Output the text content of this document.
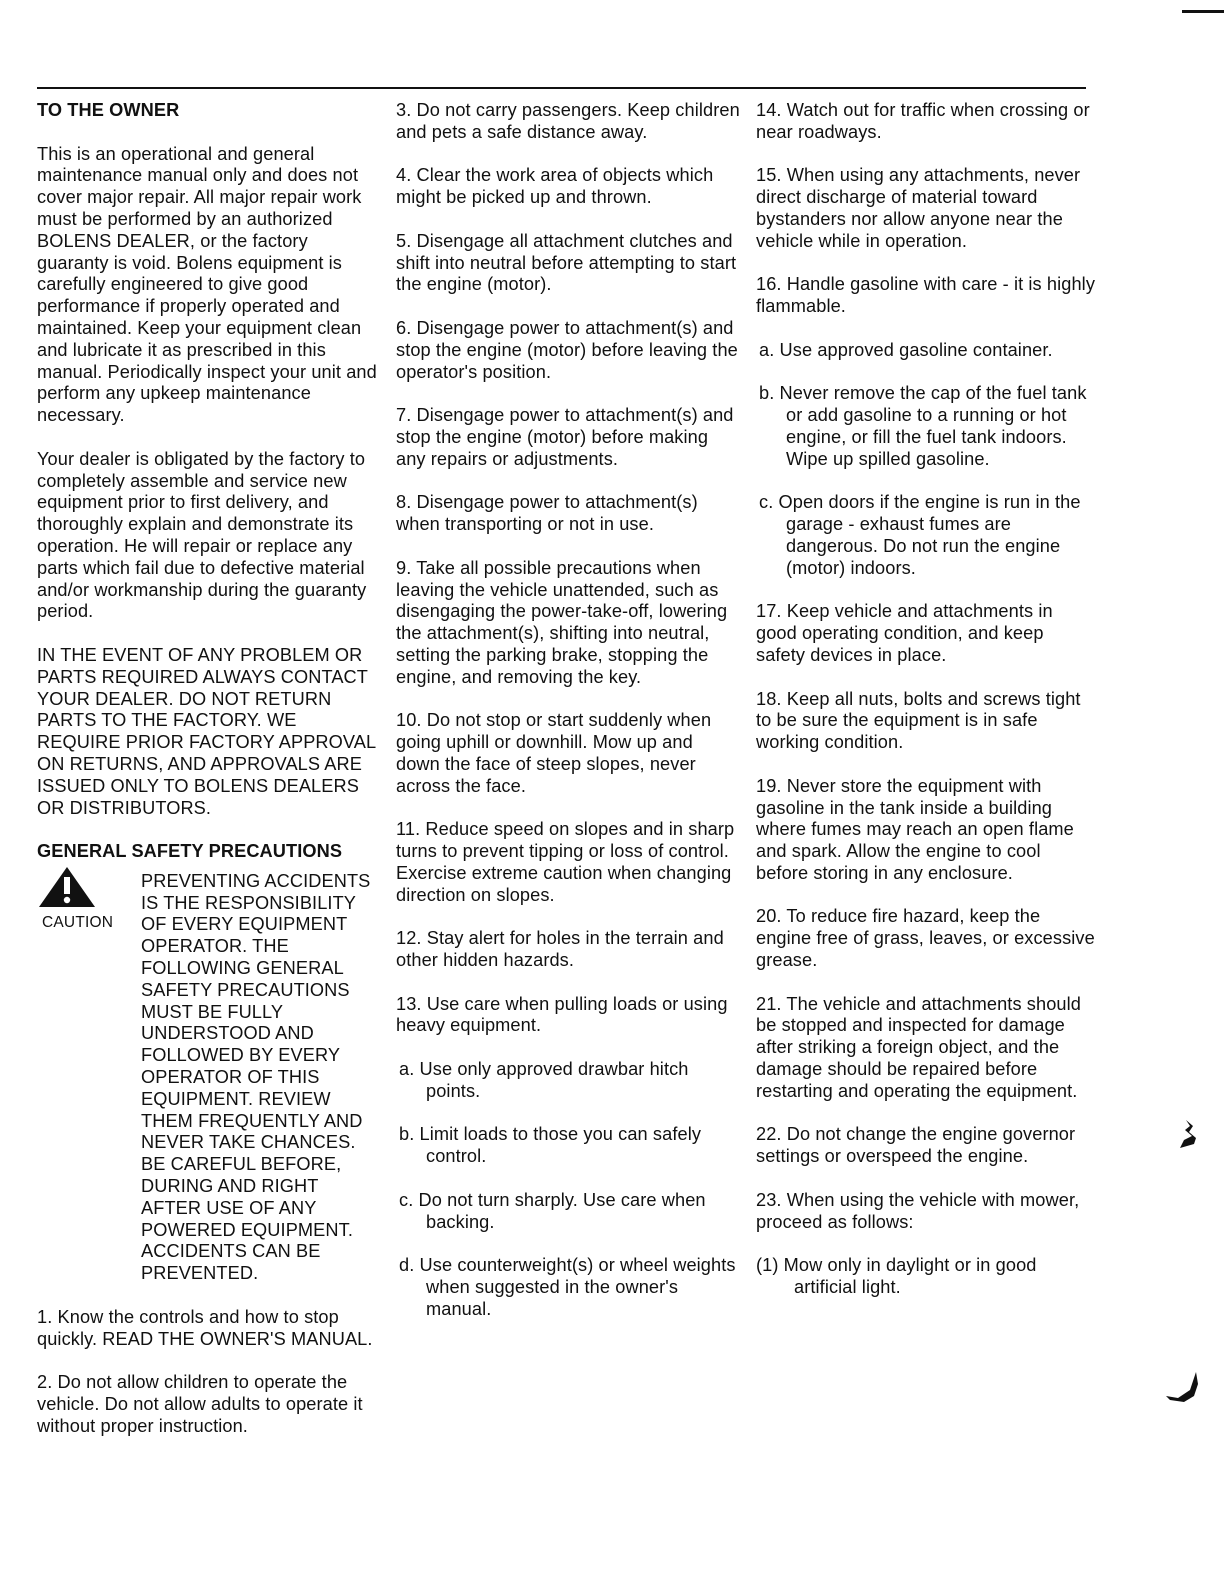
TO THE OWNER

This is an operational and general maintenance manual only and does not cover major repair. All major repair work must be performed by an authorized BOLENS DEALER, or the factory guaranty is void. Bolens equipment is carefully engineered to give good performance if properly operated and maintained. Keep your equipment clean and lubricate it as prescribed in this manual. Periodically inspect your unit and perform any upkeep maintenance necessary.

Your dealer is obligated by the factory to completely assemble and service new equipment prior to first delivery, and thoroughly explain and demonstrate its operation. He will repair or replace any parts which fail due to defective material and/or workmanship during the guaranty period.

IN THE EVENT OF ANY PROBLEM OR PARTS REQUIRED ALWAYS CONTACT YOUR DEALER. DO NOT RETURN PARTS TO THE FACTORY. WE REQUIRE PRIOR FACTORY APPROVAL ON RETURNS, AND APPROVALS ARE ISSUED ONLY TO BOLENS DEALERS OR DISTRIBUTORS.

GENERAL SAFETY PRECAUTIONS

CAUTION

PREVENTING ACCIDENTS IS THE RESPONSIBILITY OF EVERY EQUIPMENT OPERATOR. THE FOLLOWING GENERAL SAFETY PRECAUTIONS MUST BE FULLY UNDERSTOOD AND FOLLOWED BY EVERY OPERATOR OF THIS EQUIPMENT. REVIEW THEM FREQUENTLY AND NEVER TAKE CHANCES. BE CAREFUL BEFORE, DURING AND RIGHT AFTER USE OF ANY POWERED EQUIPMENT. ACCIDENTS CAN BE PREVENTED.

1. Know the controls and how to stop quickly. READ THE OWNER'S MANUAL.

2. Do not allow children to operate the vehicle. Do not allow adults to operate it without proper instruction.

3. Do not carry passengers. Keep children and pets a safe distance away.

4. Clear the work area of objects which might be picked up and thrown.

5. Disengage all attachment clutches and shift into neutral before attempting to start the engine (motor).

6. Disengage power to attachment(s) and stop the engine (motor) before leaving the operator's position.

7. Disengage power to attachment(s) and stop the engine (motor) before making any repairs or adjustments.

8. Disengage power to attachment(s) when transporting or not in use.

9. Take all possible precautions when leaving the vehicle unattended, such as disengaging the power-take-off, lowering the attachment(s), shifting into neutral, setting the parking brake, stopping the engine, and removing the key.

10. Do not stop or start suddenly when going uphill or downhill. Mow up and down the face of steep slopes, never across the face.

11. Reduce speed on slopes and in sharp turns to prevent tipping or loss of control. Exercise extreme caution when changing direction on slopes.

12. Stay alert for holes in the terrain and other hidden hazards.

13. Use care when pulling loads or using heavy equipment.

a. Use only approved drawbar hitch points.

b. Limit loads to those you can safely control.

c. Do not turn sharply. Use care when backing.

d. Use counterweight(s) or wheel weights when suggested in the owner's manual.

14. Watch out for traffic when crossing or near roadways.

15. When using any attachments, never direct discharge of material toward bystanders nor allow anyone near the vehicle while in operation.

16. Handle gasoline with care - it is highly flammable.

a. Use approved gasoline container.

b. Never remove the cap of the fuel tank or add gasoline to a running or hot engine, or fill the fuel tank indoors. Wipe up spilled gasoline.

c. Open doors if the engine is run in the garage - exhaust fumes are dangerous. Do not run the engine (motor) indoors.

17. Keep vehicle and attachments in good operating condition, and keep safety devices in place.

18. Keep all nuts, bolts and screws tight to be sure the equipment is in safe working condition.

19. Never store the equipment with gasoline in the tank inside a building where fumes may reach an open flame and spark. Allow the engine to cool before storing in any enclosure.

20. To reduce fire hazard, keep the engine free of grass, leaves, or excessive grease.

21. The vehicle and attachments should be stopped and inspected for damage after striking a foreign object, and the damage should be repaired before restarting and operating the equipment.

22. Do not change the engine governor settings or overspeed the engine.

23. When using the vehicle with mower, proceed as follows:

(1) Mow only in daylight or in good artificial light.
